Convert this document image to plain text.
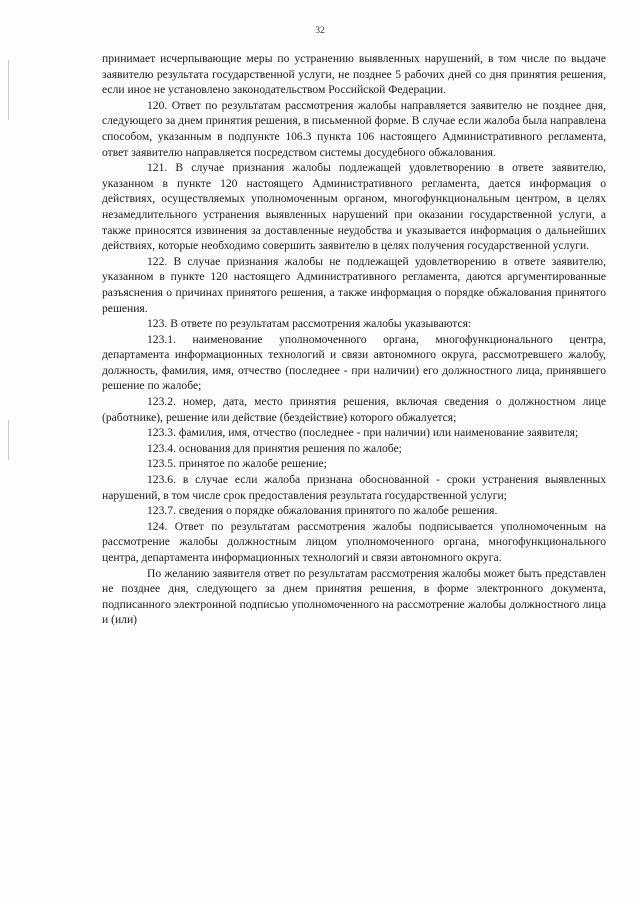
32

принимает исчерпывающие меры по устранению выявленных нарушений, в том числе по выдаче заявителю результата государственной услуги, не позднее 5 рабочих дней со дня принятия решения, если иное не установлено законодательством Российской Федерации.

120. Ответ по результатам рассмотрения жалобы направляется заявителю не позднее дня, следующего за днем принятия решения, в письменной форме. В случае если жалоба была направлена способом, указанным в подпункте 106.3 пункта 106 настоящего Административного регламента, ответ заявителю направляется посредством системы досудебного обжалования.

121. В случае признания жалобы подлежащей удовлетворению в ответе заявителю, указанном в пункте 120 настоящего Административного регламента, дается информация о действиях, осуществляемых уполномоченным органом, многофункциональным центром, в целях незамедлительного устранения выявленных нарушений при оказании государственной услуги, а также приносятся извинения за доставленные неудобства и указывается информация о дальнейших действиях, которые необходимо совершить заявителю в целях получения государственной услуги.

122. В случае признания жалобы не подлежащей удовлетворению в ответе заявителю, указанном в пункте 120 настоящего Административного регламента, даются аргументированные разъяснения о причинах принятого решения, а также информация о порядке обжалования принятого решения.

123. В ответе по результатам рассмотрения жалобы указываются:

123.1. наименование уполномоченного органа, многофункционального центра, департамента информационных технологий и связи автономного округа, рассмотревшего жалобу, должность, фамилия, имя, отчество (последнее - при наличии) его должностного лица, принявшего решение по жалобе;

123.2. номер, дата, место принятия решения, включая сведения о должностном лице (работнике), решение или действие (бездействие) которого обжалуется;

123.3. фамилия, имя, отчество (последнее - при наличии) или наименование заявителя;

123.4. основания для принятия решения по жалобе;

123.5. принятое по жалобе решение;

123.6. в случае если жалоба признана обоснованной - сроки устранения выявленных нарушений, в том числе срок предоставления результата государственной услуги;

123.7. сведения о порядке обжалования принятого по жалобе решения.

124. Ответ по результатам рассмотрения жалобы подписывается уполномоченным на рассмотрение жалобы должностным лицом уполномоченного органа, многофункционального центра, департамента информационных технологий и связи автономного округа.

По желанию заявителя ответ по результатам рассмотрения жалобы может быть представлен не позднее дня, следующего за днем принятия решения, в форме электронного документа, подписанного электронной подписью уполномоченного на рассмотрение жалобы должностного лица и (или)
